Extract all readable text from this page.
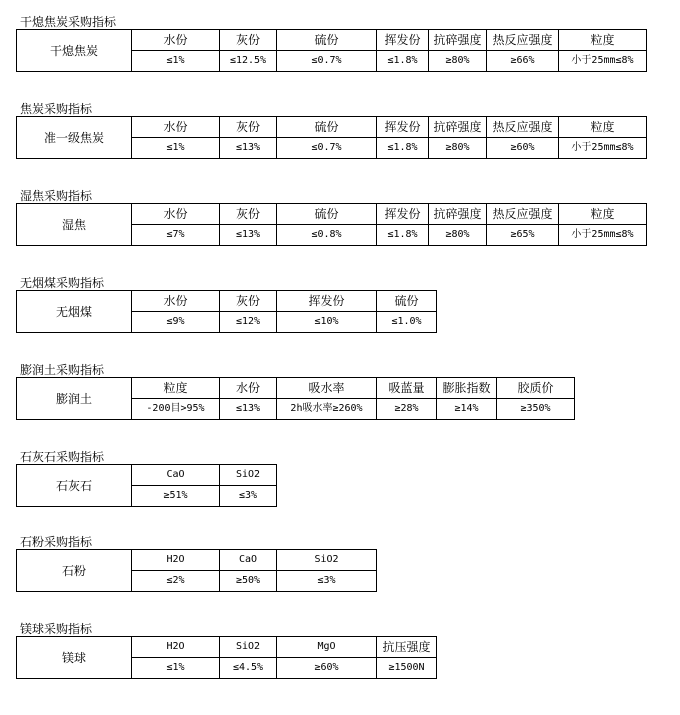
干熄焦炭采购指标
干熄焦炭	水份	灰份	硫份	挥发份	抗碎强度	热反应强度	粒度
	≤1%	≤12.5%	≤0.7%	≤1.8%	≥80%	≥66%	小于25mm≤8%
焦炭采购指标
准一级焦炭	水份	灰份	硫份	挥发份	抗碎强度	热反应强度	粒度
	≤1%	≤13%	≤0.7%	≤1.8%	≥80%	≥60%	小于25mm≤8%
湿焦采购指标
湿焦	水份	灰份	硫份	挥发份	抗碎强度	热反应强度	粒度
	≤7%	≤13%	≤0.8%	≤1.8%	≥80%	≥65%	小于25mm≤8%
无烟煤采购指标
无烟煤	水份	灰份	挥发份	硫份
	≤9%	≤12%	≤10%	≤1.0%
膨润土采购指标
膨润土	粒度	水份	吸水率	吸蓝量	膨胀指数	胶质价
	-200目>95%	≤13%	2h吸水率≥260%	≥28%	≥14%	≥350%
石灰石采购指标
石灰石	CaO	SiO2
	≥51%	≤3%
石粉采购指标
石粉	H2O	CaO	SiO2
	≤2%	≥50%	≤3%
镁球采购指标
镁球	H2O	SiO2	MgO	抗压强度
	≤1%	≤4.5%	≥60%	≥1500N
